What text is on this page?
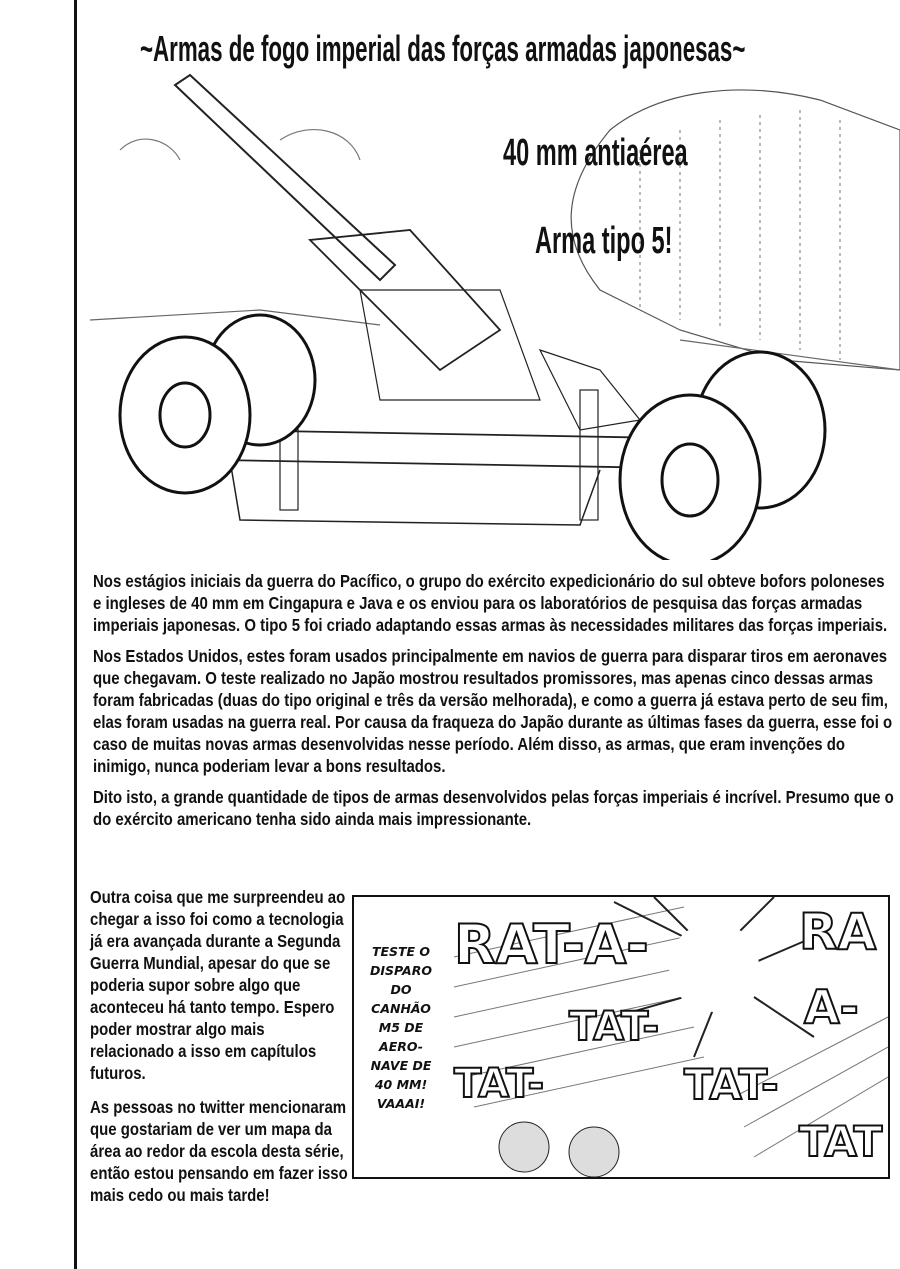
~Armas de fogo imperial das forças armadas japonesas~
40 mm antiaérea
Arma tipo 5!

Nos estágios iniciais da guerra do Pacífico, o grupo do exército expedicionário do sul obteve bofors poloneses e ingleses de 40 mm em Cingapura e Java e os enviou para os laboratórios de pesquisa das forças armadas imperiais japonesas. O tipo 5 foi criado adaptando essas armas às necessidades militares das forças imperiais.

Nos Estados Unidos, estes foram usados principalmente em navios de guerra para disparar tiros em aeronaves que chegavam. O teste realizado no Japão mostrou resultados promissores, mas apenas cinco dessas armas foram fabricadas (duas do tipo original e três da versão melhorada), e como a guerra já estava perto de seu fim, elas foram usadas na guerra real. Por causa da fraqueza do Japão durante as últimas fases da guerra, esse foi o caso de muitas novas armas desenvolvidas nesse período. Além disso, as armas, que eram invenções do inimigo, nunca poderiam levar a bons resultados.

Dito isto, a grande quantidade de tipos de armas desenvolvidos pelas forças imperiais é incrível. Presumo que o do exército americano tenha sido ainda mais impressionante.

Outra coisa que me surpreendeu ao chegar a isso foi como a tecnologia já era avançada durante a Segunda Guerra Mundial, apesar do que se poderia supor sobre algo que aconteceu há tanto tempo. Espero poder mostrar algo mais relacionado a isso em capítulos futuros.

As pessoas no twitter mencionaram que gostariam de ver um mapa da área ao redor da escola desta série, então estou pensando em fazer isso mais cedo ou mais tarde!

TESTE O DISPARO DO CANHÃO M5 DE AERO-NAVE DE 40 MM! VAAAI!
RAT-A-
TAT-
TAT-
RA
A-
TAT-
TAT
